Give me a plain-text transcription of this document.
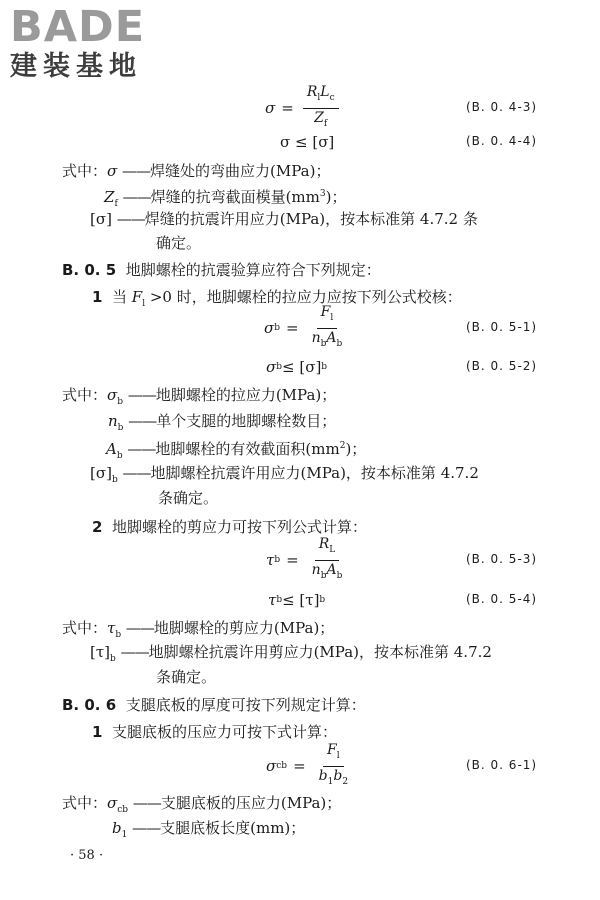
BADE

建装基地

$\sigma = \frac{R_lL_c}{Z_f}$	(B. 0. 4-3)
σ ≤ [σ]	(B. 0. 4-4)
式中：σ ——焊缝处的弯曲应力(MPa)；
$Z_f$ ——焊缝的抗弯截面模量$(mm^3)$；
[σ] ——焊缝的抗震许用应力(MPa)，按本标准第 4.7.2 条
确定。
B. 0. 5 地脚螺栓的抗震验算应符合下列规定：
1 当 $F_l >0$ 时，地脚螺栓的拉应力应按下列公式校核：
σ $b = \frac{F_l}{n_bA_b}$	(B. 0. 5-1)
σ b ≤ [σ] b	(B. 0. 5-2)
式中：$\sigma_b$ ——地脚螺栓的拉应力(MPa)；
$n_b$ ——单个支腿的地脚螺栓数目；
$A_b$ ——地脚螺栓的有效截面积$(mm^2)$；
$[\sigma]_b$ ——地脚螺栓抗震许用应力(MPa)，按本标准第 4.7.2
条确定。
2 地脚螺栓的剪应力可按下列公式计算：
τ $b = \frac{R_L}{n_bA_b}$	(B. 0. 5-3)
τ b ≤ [τ] b	(B. 0. 5-4)
式中：$\tau_b$ ——地脚螺栓的剪应力(MPa)；
$[\tau]_b$ ——地脚螺栓抗震许用剪应力(MPa)，按本标准第 4.7.2
条确定。
B. 0. 6 支腿底板的厚度可按下列规定计算：
1 支腿底板的压应力可按下式计算：
σ cb = $\frac{F_l}{b_1b_2}$	(B. 0. 6-1)
式中：$\sigma_{cb}$ ——支腿底板的压应力(MPa)；
$b_1$ ——支腿底板长度(mm)；
· 58 ·
